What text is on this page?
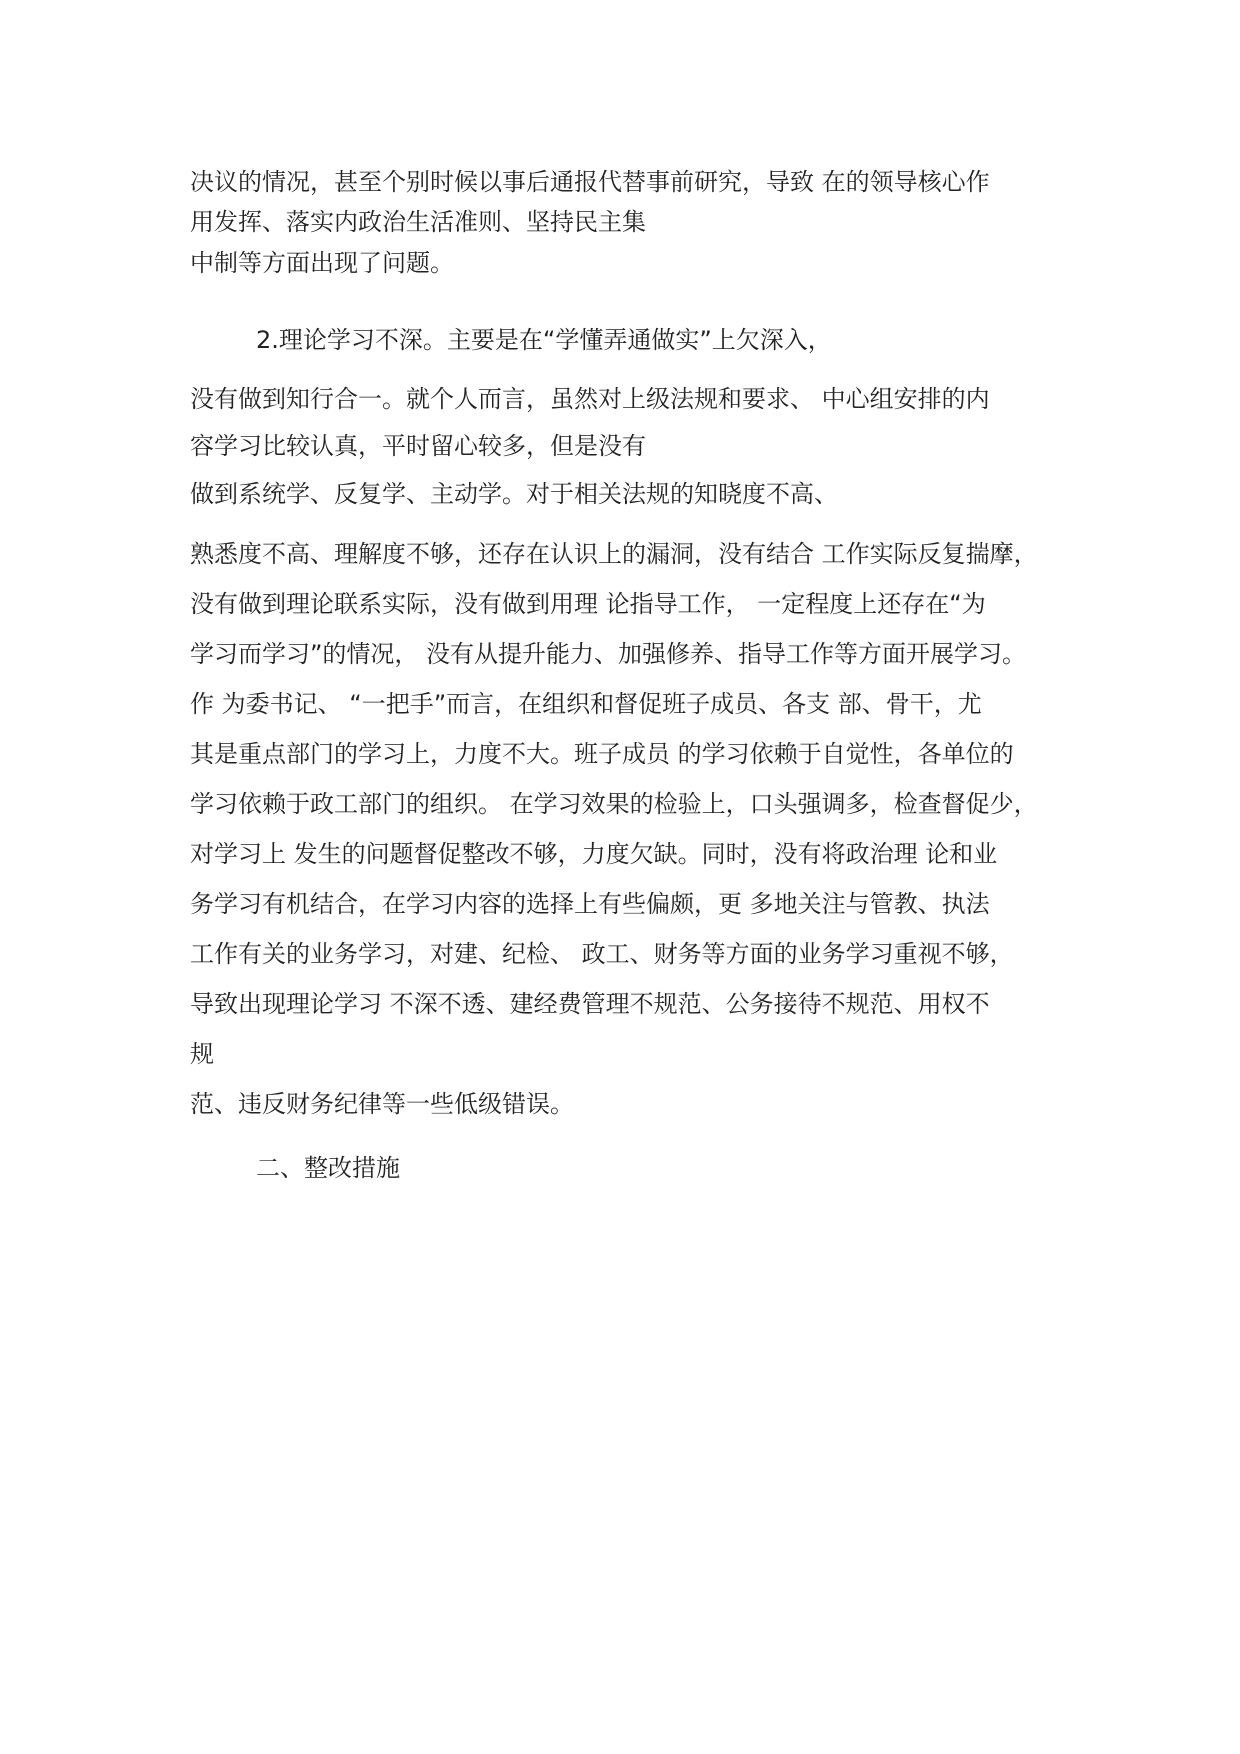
决议的情况，甚至个别时候以事后通报代替事前研究，导致 在的领导核心作

用发挥、落实内政治生活准则、坚持民主集

中制等方面出现了问题。

2.理论学习不深。主要是在“学懂弄通做实”上欠深入，

没有做到知行合一。就个人而言，虽然对上级法规和要求、 中心组安排的内

容学习比较认真，平时留心较多，但是没有

做到系统学、反复学、主动学。对于相关法规的知晓度不高、

熟悉度不高、理解度不够，还存在认识上的漏洞，没有结合 工作实际反复揣摩，

没有做到理论联系实际，没有做到用理 论指导工作， 一定程度上还存在“为

学习而学习”的情况， 没有从提升能力、加强修养、指导工作等方面开展学习。

作 为委书记、 “一把手”而言，在组织和督促班子成员、各支 部、骨干，尤

其是重点部门的学习上，力度不大。班子成员 的学习依赖于自觉性，各单位的

学习依赖于政工部门的组织。 在学习效果的检验上，口头强调多，检查督促少，

对学习上 发生的问题督促整改不够，力度欠缺。同时，没有将政治理 论和业

务学习有机结合，在学习内容的选择上有些偏颇，更 多地关注与管教、执法

工作有关的业务学习，对建、纪检、 政工、财务等方面的业务学习重视不够，

导致出现理论学习 不深不透、建经费管理不规范、公务接待不规范、用权不

规

范、违反财务纪律等一些低级错误。

二、整改措施
